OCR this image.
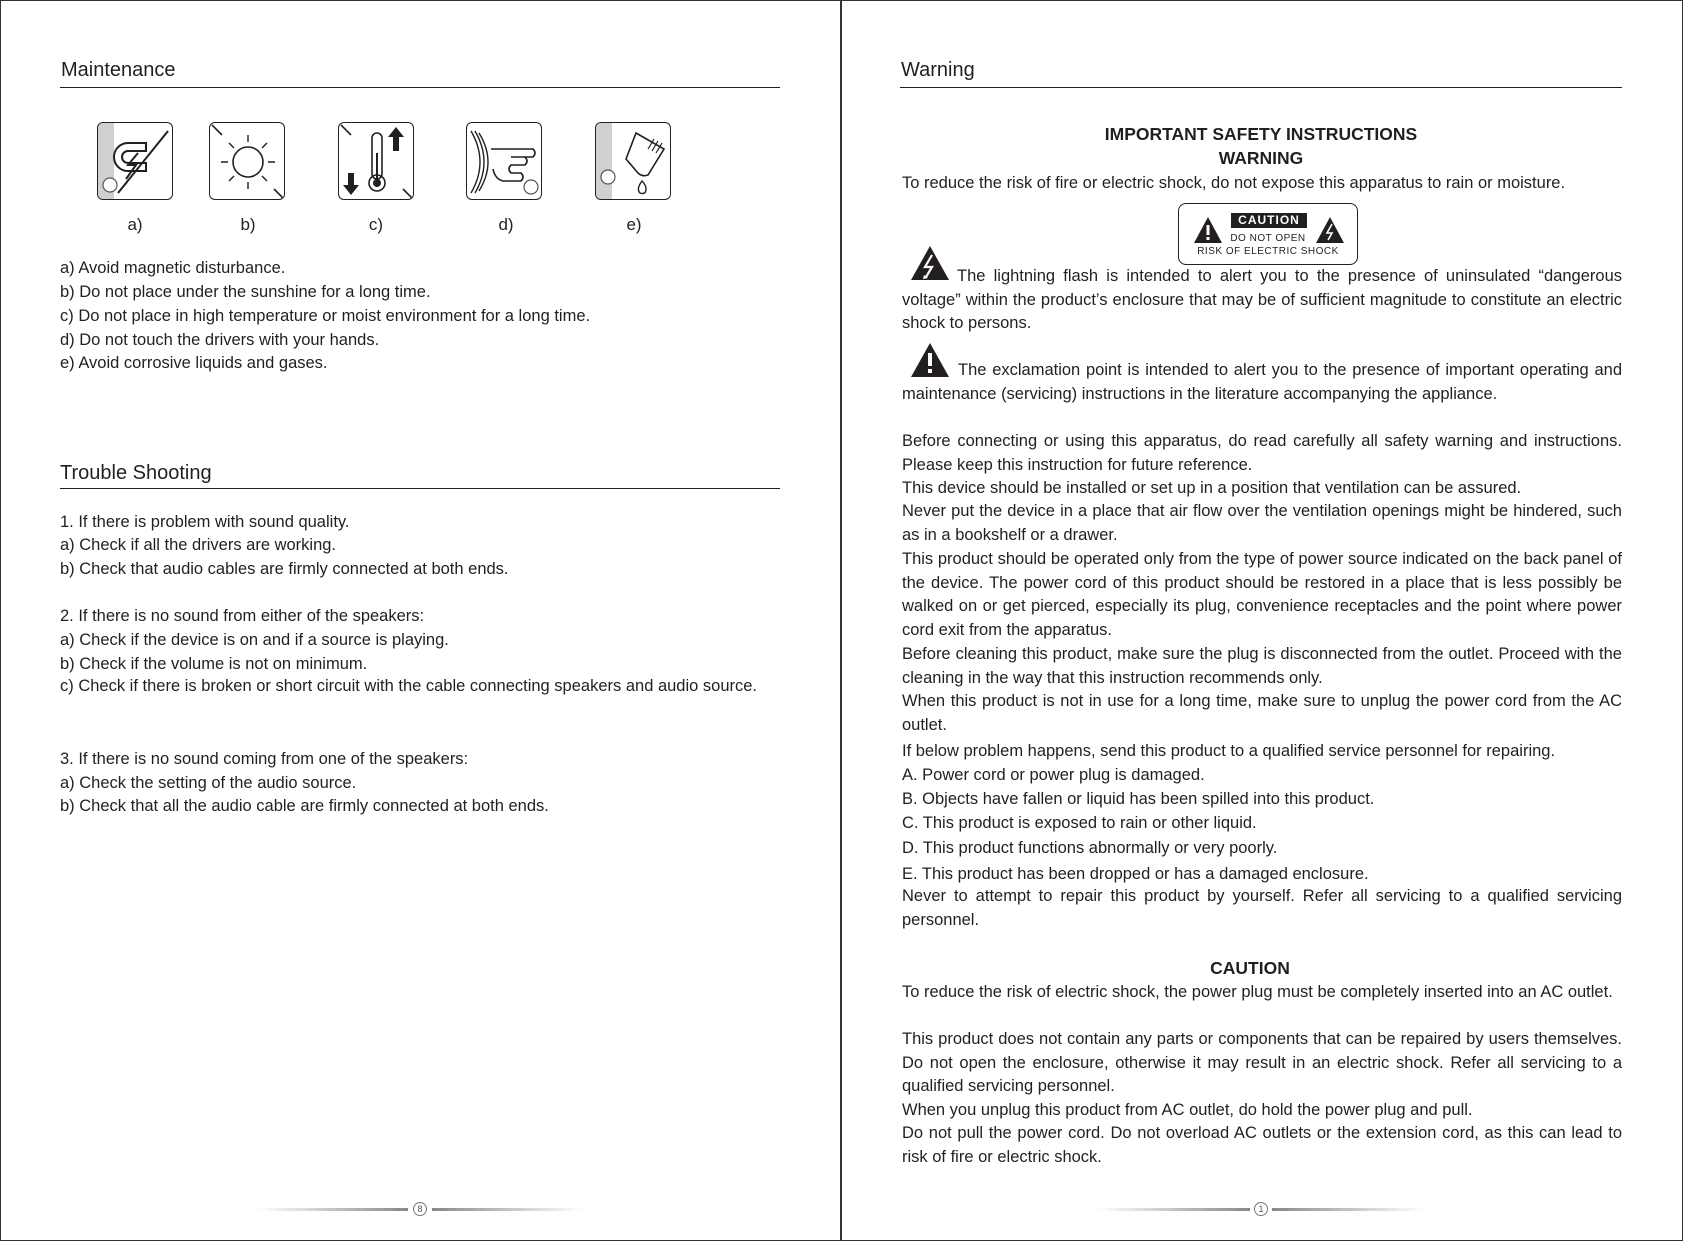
Maintenance
a)	b)	c)	d)	e)
a) Avoid magnetic disturbance.
b) Do not place under the sunshine for a long time.
c) Do not place in high temperature or moist environment for a long time.
d) Do not touch the drivers with your hands.
e) Avoid corrosive liquids and gases.
Trouble Shooting
1. If there is problem with sound quality.
a) Check if all the drivers are working.
b) Check that audio cables are firmly connected at both ends.
2. If there is no sound from either of the speakers:
a) Check if the device is on and if a source is playing.
b) Check if the volume is not on minimum.
c) Check if there is broken or short circuit with the cable connecting speakers and audio source.
3. If there is no sound coming from one of the speakers:
a) Check the setting of the audio source.
b) Check that all the audio cable are firmly connected at both ends.
8
Warning
IMPORTANT SAFETY INSTRUCTIONS
WARNING
To reduce the risk of fire or electric shock, do not expose this apparatus to rain or moisture.
CAUTION
DO NOT OPEN
RISK OF ELECTRIC SHOCK
The lightning flash is intended to alert you to the presence of uninsulated “dangerous voltage” within the product’s enclosure that may be of sufficient magnitude to constitute an electric shock to persons.
The exclamation point is intended to alert you to the presence of important operating and maintenance (servicing) instructions in the literature accompanying the appliance.
Before connecting or using this apparatus, do read carefully all safety warning and instructions. Please keep this instruction for future reference.
This device should be installed or set up in a position that ventilation can be assured.
Never put the device in a place that air flow over the ventilation openings might be hindered, such as in a bookshelf or a drawer.
This product should be operated only from the type of power source indicated on the back panel of the device. The power cord of this product should be restored in a place that is less possibly be walked on or get pierced, especially its plug, convenience receptacles and the point where power cord exit from the apparatus.
Before cleaning this product, make sure the plug is disconnected from the outlet. Proceed with the cleaning in the way that this instruction recommends only.
When this product is not in use for a long time, make sure to unplug the power cord from the AC outlet.
If below problem happens, send this product to a qualified service personnel for repairing.
A. Power cord or power plug is damaged.
B. Objects have fallen or liquid has been spilled into this product.
C. This product is exposed to rain or other liquid.
D. This product functions abnormally or very poorly.
E. This product has been dropped or has a damaged enclosure.
Never to attempt to repair this product by yourself. Refer all servicing to a qualified servicing personnel.
CAUTION
To reduce the risk of electric shock, the power plug must be completely inserted into an AC outlet.
This product does not contain any parts or components that can be repaired by users themselves. Do not open the enclosure, otherwise it may result in an electric shock. Refer all servicing to a qualified servicing personnel.
When you unplug this product from AC outlet, do hold the power plug and pull.
Do not pull the power cord. Do not overload AC outlets or the extension cord, as this can lead to risk of fire or electric shock.
1
